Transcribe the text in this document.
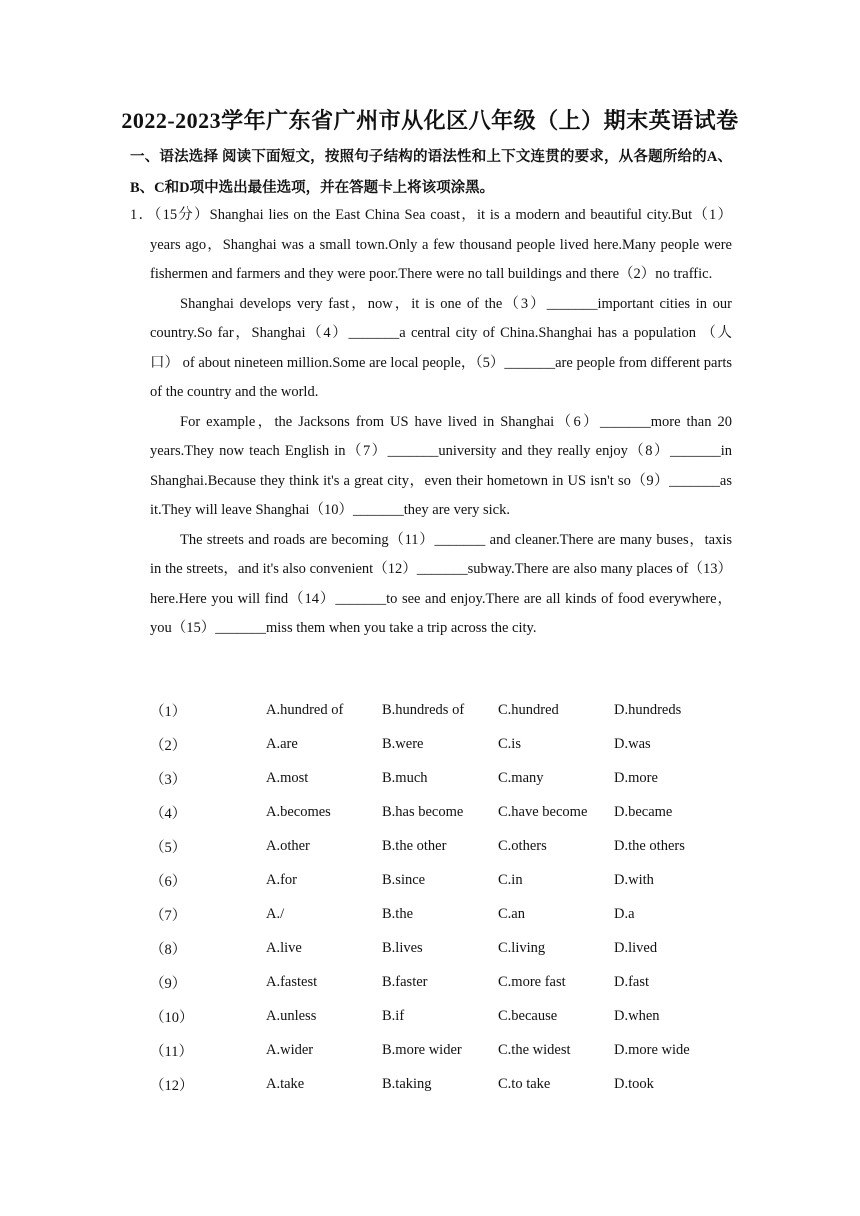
2022-2023学年广东省广州市从化区八年级（上）期末英语试卷
一、语法选择 阅读下面短文，按照句子结构的语法性和上下文连贯的要求，从各题所给的A、B、C和D项中选出最佳选项，并在答题卡上将该项涂黑。

1．（15分）Shanghai lies on the East China Sea coast，it is a modern and beautiful city.But（1）years ago，Shanghai was a small town.Only a few thousand people lived here.Many people were fishermen and farmers and they were poor.There were no tall buildings and there（2）no traffic.

Shanghai develops very fast，now，it is one of the（3）_______important cities in our country.So far，Shanghai（4）_______a central city of China.Shanghai has a population （人口） of about nineteen million.Some are local people，（5）_______are people from different parts of the country and the world.

For example，the Jacksons from US have lived in Shanghai（6）_______more than 20 years.They now teach English in（7）_______university and they really enjoy（8）_______in Shanghai.Because they think it's a great city，even their hometown in US isn't so（9）_______as it.They will leave Shanghai（10）_______they are very sick.

The streets and roads are becoming（11）_______ and cleaner.There are many buses，taxis in the streets，and it's also convenient（12）_______subway.There are also many places of（13）here.Here you will find（14）_______to see and enjoy.There are all kinds of food everywhere，you（15）_______miss them when you take a trip across the city.

（1）	A.hundred of	B.hundreds of	C.hundred	D.hundreds
（2）	A.are	B.were	C.is	D.was
（3）	A.most	B.much	C.many	D.more
（4）	A.becomes	B.has become	C.have become	D.became
（5）	A.other	B.the other	C.others	D.the others
（6）	A.for	B.since	C.in	D.with
（7）	A./	B.the	C.an	D.a
（8）	A.live	B.lives	C.living	D.lived
（9）	A.fastest	B.faster	C.more fast	D.fast
（10）	A.unless	B.if	C.because	D.when
（11）	A.wider	B.more wider	C.the widest	D.more wide
（12）	A.take	B.taking	C.to take	D.took
